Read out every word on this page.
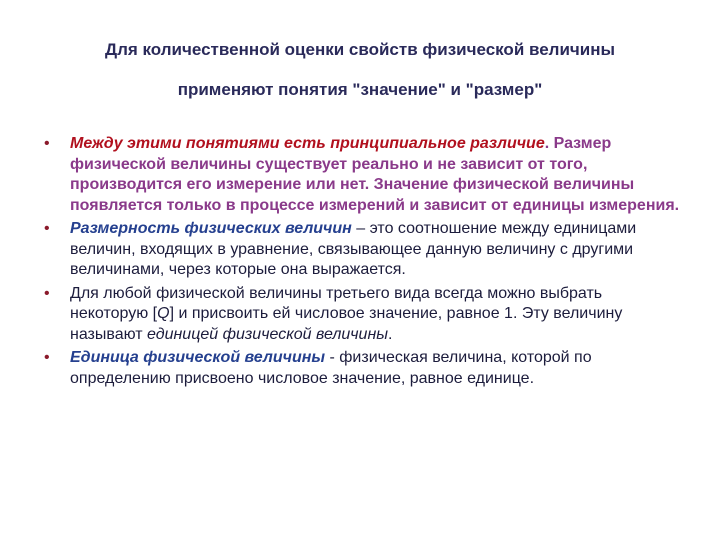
Для количественной оценки свойств физической величины
применяют понятия "значение" и "размер"
• Между этими понятиями есть принципиальное различие. Размер физической величины существует реально и не зависит от того, производится его измерение или нет. Значение физической величины появляется только в процессе измерений и зависит от единицы измерения.
• Размерность физических величин – это соотношение между единицами величин, входящих в уравнение, связывающее данную величину с другими величинами, через которые она выражается.
• Для любой физической величины третьего вида всегда можно выбрать некоторую [Q] и присвоить ей числовое значение, равное 1. Эту величину называют единицей физической величины.
• Единица физической величины - физическая величина, которой по определению присвоено числовое значение, равное единице.
